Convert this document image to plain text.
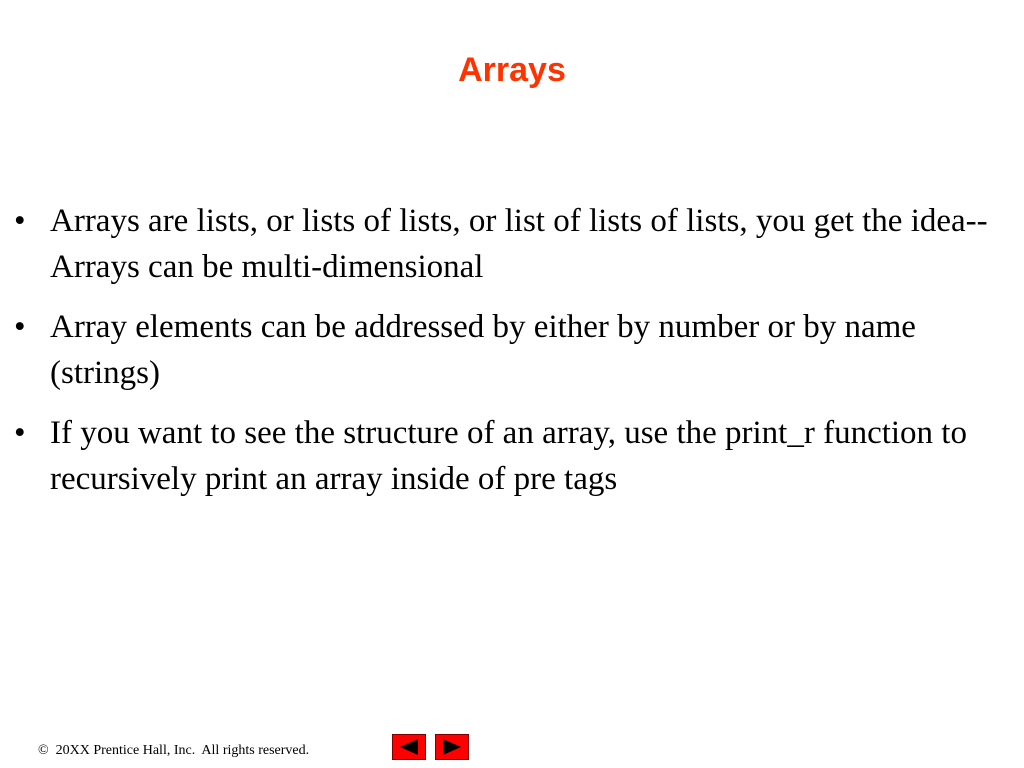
Arrays
• Arrays are lists, or lists of lists, or list of lists of lists, you get the idea--Arrays can be multi-dimensional
• Array elements can be addressed by either by number or by name (strings)
• If you want to see the structure of an array, use the print_r function to recursively print an array inside of pre tags
©  20XX Prentice Hall, Inc.  All rights reserved.
